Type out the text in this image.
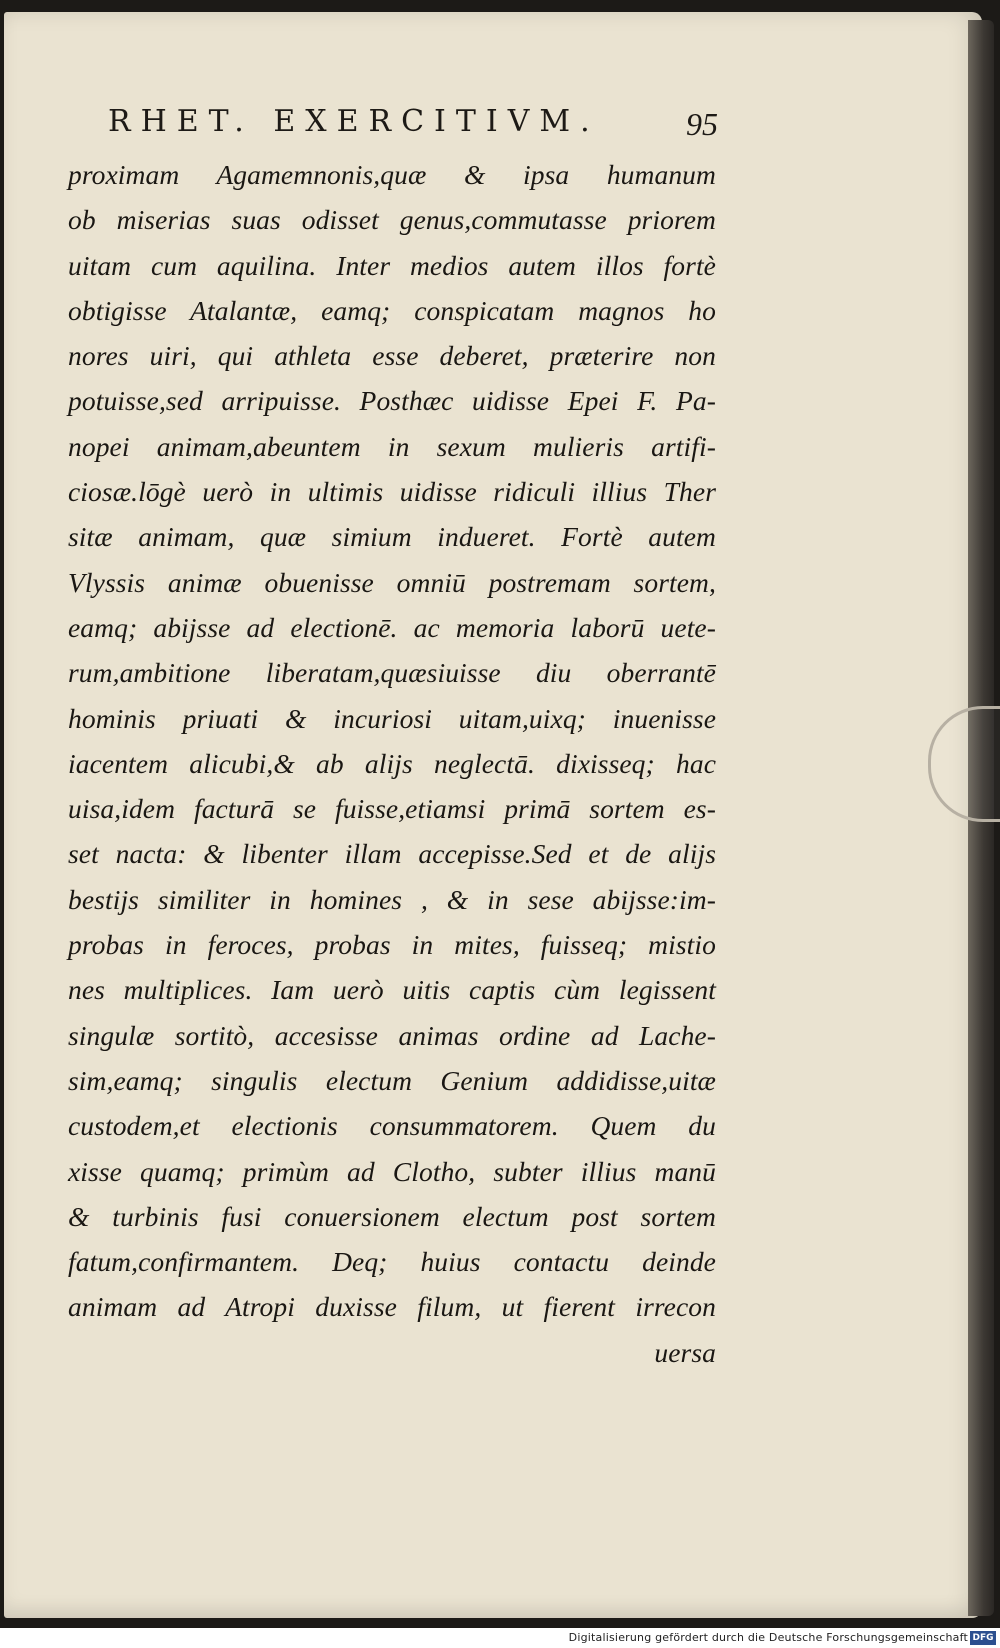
RHET. EXERCITIVM.	95
proximam Agamemnonis,quæ & ipsa humanum
ob miserias suas odisset genus,commutasse priorem
uitam cum aquilina. Inter medios autem illos fortè
obtigisse Atalantæ, eamq; conspicatam magnos ho
nores uiri, qui athleta esse deberet, præterire non
potuisse,sed arripuisse. Posthæc uidisse Epei F. Pa-
nopei animam,abeuntem in sexum mulieris artifi-
ciosæ.lōgè uerò in ultimis uidisse ridiculi illius Ther
sitæ animam, quæ simium indueret. Fortè autem
Vlyssis animæ obuenisse omniū postremam sortem,
eamq; abijsse ad electionē. ac memoria laborū uete-
rum,ambitione liberatam,quæsiuisse diu oberrantē
hominis priuati & incuriosi uitam,uixq; inuenisse
iacentem alicubi,& ab alijs neglectā. dixisseq; hac
uisa,idem facturā se fuisse,etiamsi primā sortem es-
set nacta: & libenter illam accepisse.Sed et de alijs
bestijs similiter in homines , & in sese abijsse:im-
probas in feroces, probas in mites, fuisseq; mistio
nes multiplices. Iam uerò uitis captis cùm legissent
singulæ sortitò, accesisse animas ordine ad Lache-
sim,eamq; singulis electum Genium addidisse,uitæ
custodem,et electionis consummatorem. Quem du
xisse quamq; primùm ad Clotho, subter illius manū
& turbinis fusi conuersionem electum post sortem
fatum,confirmantem. Deq; huius contactu deinde
animam ad Atropi duxisse filum, ut fierent irrecon
uersa
Digitalisierung gefördert durch die Deutsche Forschungsgemeinschaft DFG
